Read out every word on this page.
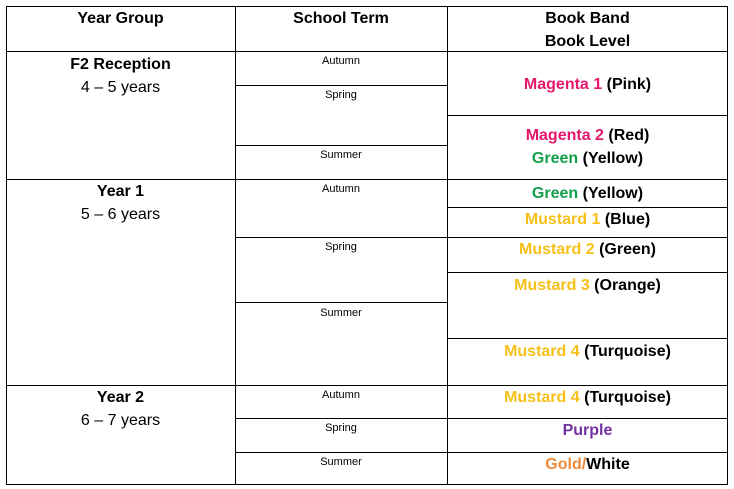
Year Group	School Term	Book Band
Book Level
F2 Reception
4 – 5 years
Year 1
5 – 6 years
Year 2
6 – 7 years
Autumn
Spring
Summer
Autumn
Spring
Summer
Autumn
Spring
Summer
Magenta 1 (Pink)
Magenta 2 (Red)
Green (Yellow)
Green (Yellow)
Mustard 1 (Blue)
Mustard 2 (Green)
Mustard 3 (Orange)
Mustard 4 (Turquoise)
Mustard 4 (Turquoise)
Purple
Gold/White
